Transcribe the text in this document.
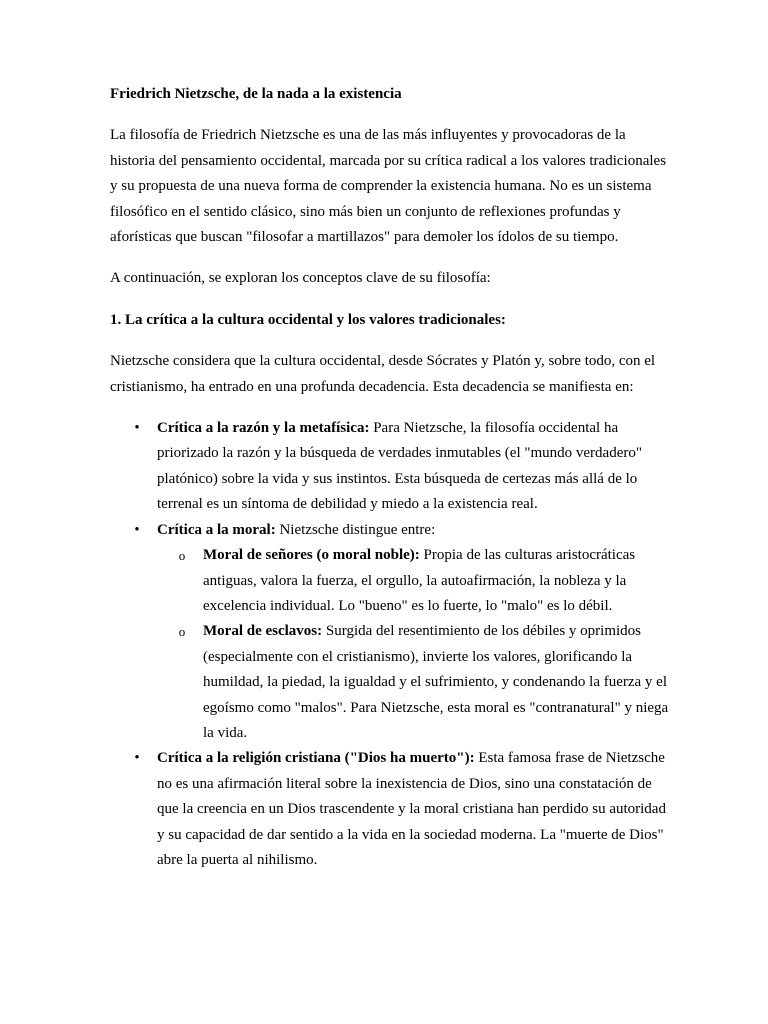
Friedrich Nietzsche, de la nada a la existencia

La filosofía de Friedrich Nietzsche es una de las más influyentes y provocadoras de la historia del pensamiento occidental, marcada por su crítica radical a los valores tradicionales y su propuesta de una nueva forma de comprender la existencia humana. No es un sistema filosófico en el sentido clásico, sino más bien un conjunto de reflexiones profundas y aforísticas que buscan "filosofar a martillazos" para demoler los ídolos de su tiempo.

A continuación, se exploran los conceptos clave de su filosofía:

1. La crítica a la cultura occidental y los valores tradicionales:

Nietzsche considera que la cultura occidental, desde Sócrates y Platón y, sobre todo, con el cristianismo, ha entrado en una profunda decadencia. Esta decadencia se manifiesta en:

• Crítica a la razón y la metafísica: Para Nietzsche, la filosofía occidental ha priorizado la razón y la búsqueda de verdades inmutables (el "mundo verdadero" platónico) sobre la vida y sus instintos. Esta búsqueda de certezas más allá de lo terrenal es un síntoma de debilidad y miedo a la existencia real.
• Crítica a la moral: Nietzsche distingue entre:
o Moral de señores (o moral noble): Propia de las culturas aristocráticas antiguas, valora la fuerza, el orgullo, la autoafirmación, la nobleza y la excelencia individual. Lo "bueno" es lo fuerte, lo "malo" es lo débil.
o Moral de esclavos: Surgida del resentimiento de los débiles y oprimidos (especialmente con el cristianismo), invierte los valores, glorificando la humildad, la piedad, la igualdad y el sufrimiento, y condenando la fuerza y el egoísmo como "malos". Para Nietzsche, esta moral es "contranatural" y niega la vida.
• Crítica a la religión cristiana ("Dios ha muerto"): Esta famosa frase de Nietzsche no es una afirmación literal sobre la inexistencia de Dios, sino una constatación de que la creencia en un Dios trascendente y la moral cristiana han perdido su autoridad y su capacidad de dar sentido a la vida en la sociedad moderna. La "muerte de Dios" abre la puerta al nihilismo.
